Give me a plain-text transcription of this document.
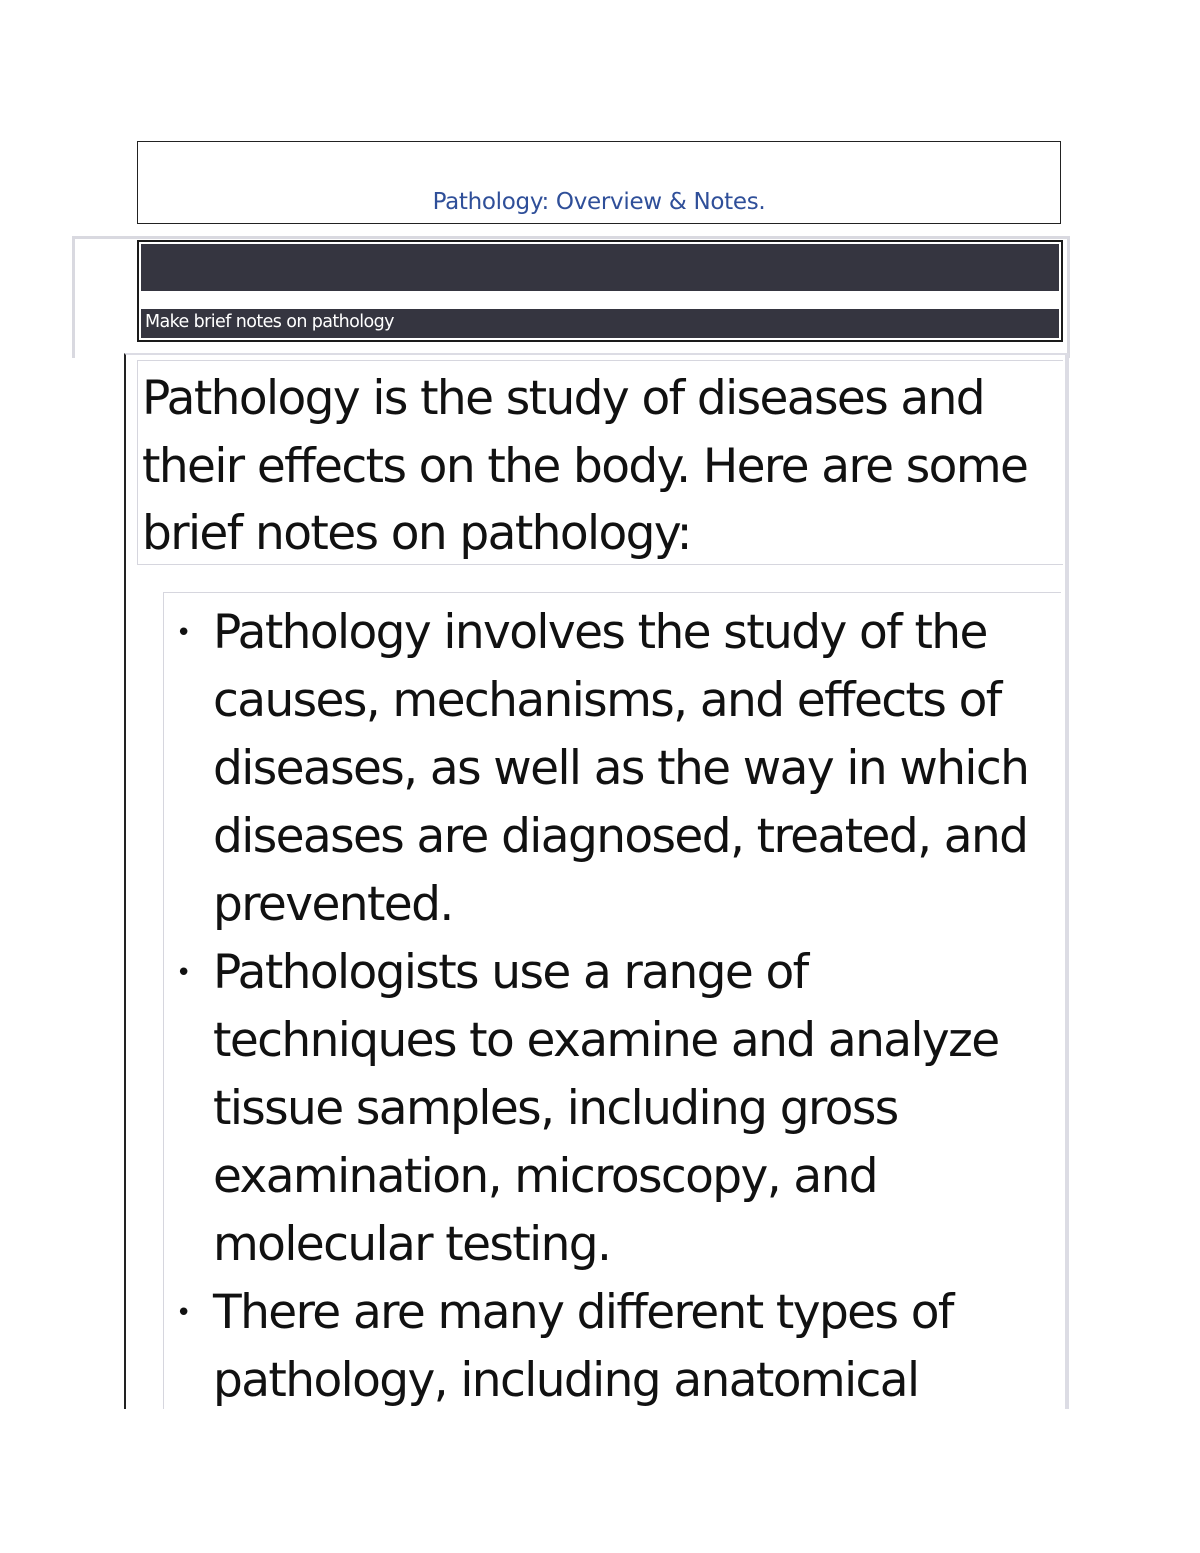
Pathology: Overview & Notes.
Make brief notes on pathology

Pathology is the study of diseases and their effects on the body. Here are some brief notes on pathology:

• Pathology involves the study of the causes, mechanisms, and effects of diseases, as well as the way in which diseases are diagnosed, treated, and prevented.
• Pathologists use a range of techniques to examine and analyze tissue samples, including gross examination, microscopy, and molecular testing.
• There are many different types of pathology, including anatomical
